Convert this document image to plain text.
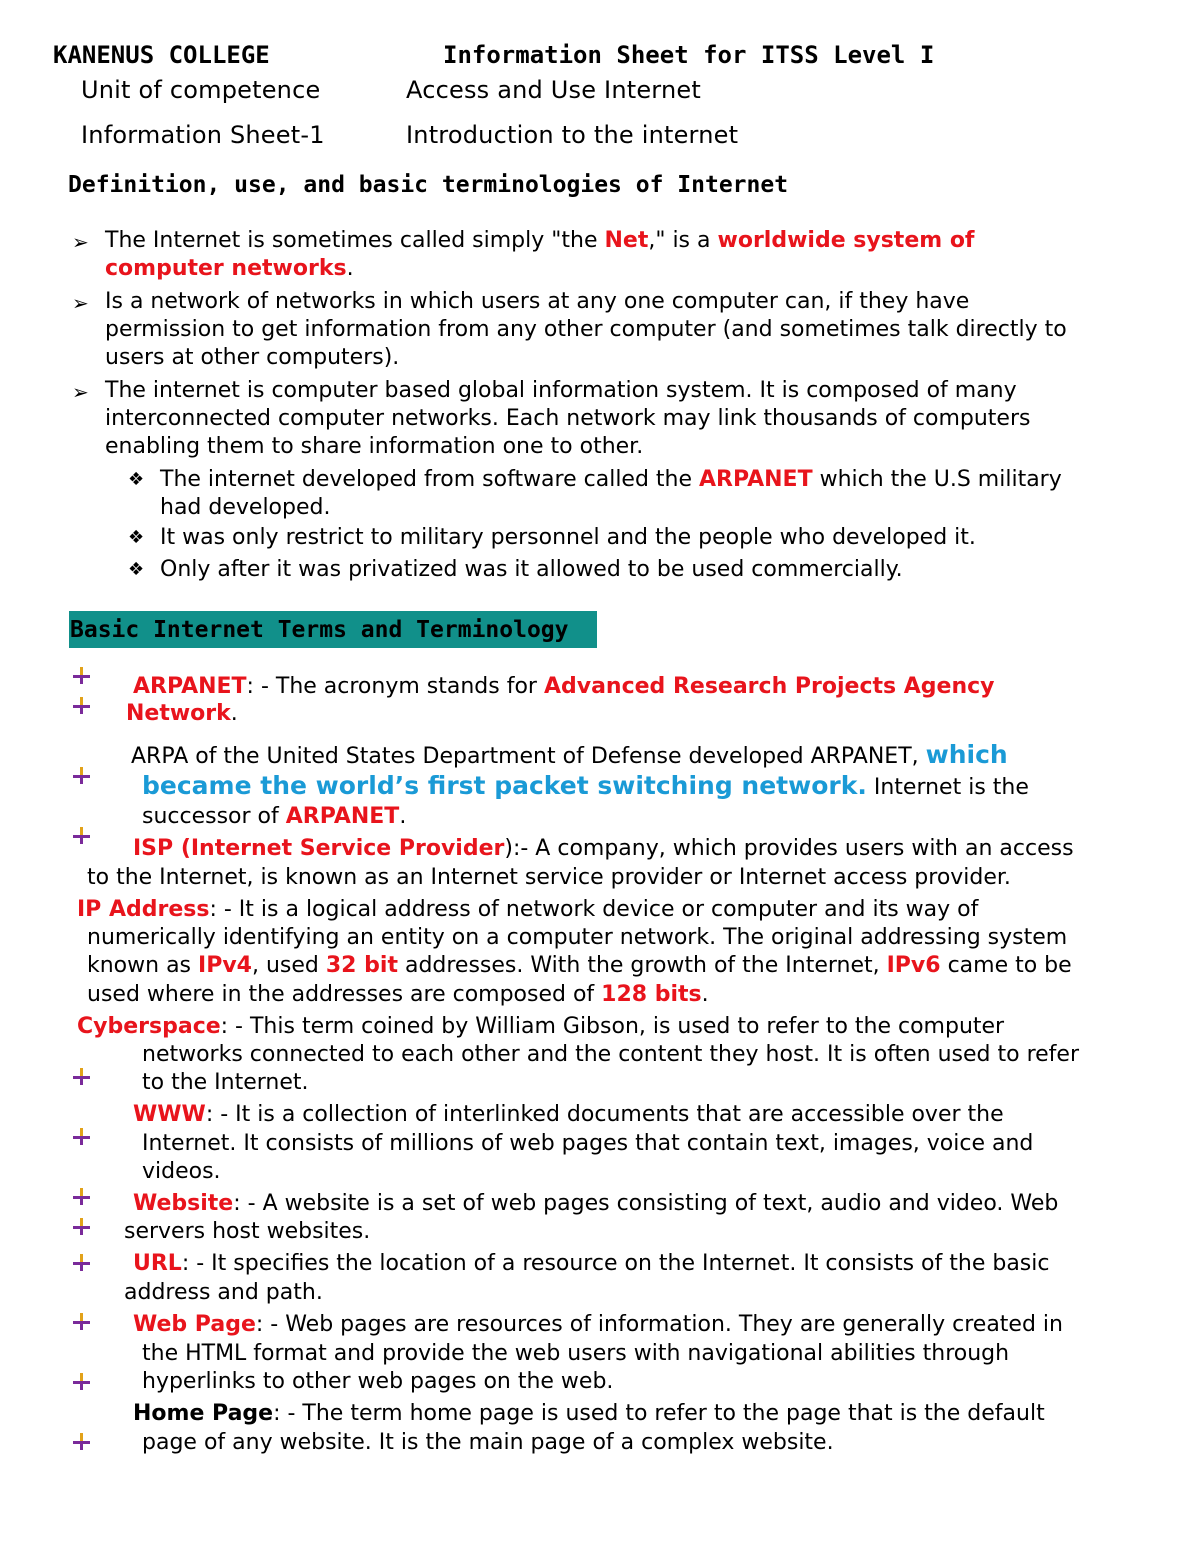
KANENUS COLLEGE	Information Sheet for ITSS Level I
Unit of competence	Access and Use Internet
Information Sheet-1	Introduction to the internet
Definition, use, and basic terminologies of Internet
➢ The Internet is sometimes called simply "the Net," is a worldwide system of
computer networks.
➢ Is a network of networks in which users at any one computer can, if they have
permission to get information from any other computer (and sometimes talk directly to
users at other computers).
➢ The internet is computer based global information system. It is composed of many
interconnected computer networks. Each network may link thousands of computers
enabling them to share information one to other.
❖ The internet developed from software called the ARPANET which the U.S military
had developed.
❖ It was only restrict to military personnel and the people who developed it.
❖ Only after it was privatized was it allowed to be used commercially.
Basic Internet Terms and Terminology
ARPANET: - The acronym stands for Advanced Research Projects Agency
Network.
ARPA of the United States Department of Defense developed ARPANET, which
became the world’s first packet switching network. Internet is the
successor of ARPANET.
ISP (Internet Service Provider):- A company, which provides users with an access
to the Internet, is known as an Internet service provider or Internet access provider.
IP Address: - It is a logical address of network device or computer and its way of
numerically identifying an entity on a computer network. The original addressing system
known as IPv4, used 32 bit addresses. With the growth of the Internet, IPv6 came to be
used where in the addresses are composed of 128 bits.
Cyberspace: - This term coined by William Gibson, is used to refer to the computer
networks connected to each other and the content they host. It is often used to refer
to the Internet.
WWW: - It is a collection of interlinked documents that are accessible over the
Internet. It consists of millions of web pages that contain text, images, voice and
videos.
Website: - A website is a set of web pages consisting of text, audio and video. Web
servers host websites.
URL: - It specifies the location of a resource on the Internet. It consists of the basic
address and path.
Web Page: - Web pages are resources of information. They are generally created in
the HTML format and provide the web users with navigational abilities through
hyperlinks to other web pages on the web.
Home Page: - The term home page is used to refer to the page that is the default
page of any website. It is the main page of a complex website.
